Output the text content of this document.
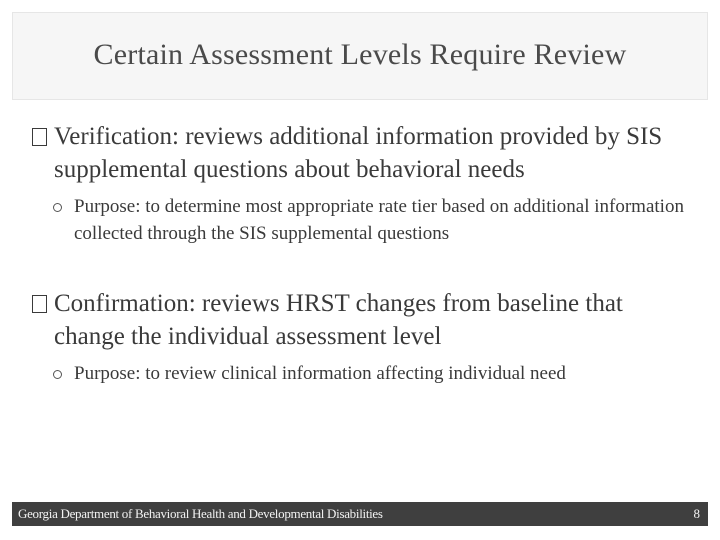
Certain Assessment Levels Require Review
Verification: reviews additional information provided by SIS supplemental questions about behavioral needs
Purpose: to determine most appropriate rate tier based on additional information collected through the SIS supplemental questions
Confirmation: reviews HRST changes from baseline that change the individual assessment level
Purpose: to review clinical information affecting individual need
Georgia Department of Behavioral Health and Developmental Disabilities	8
